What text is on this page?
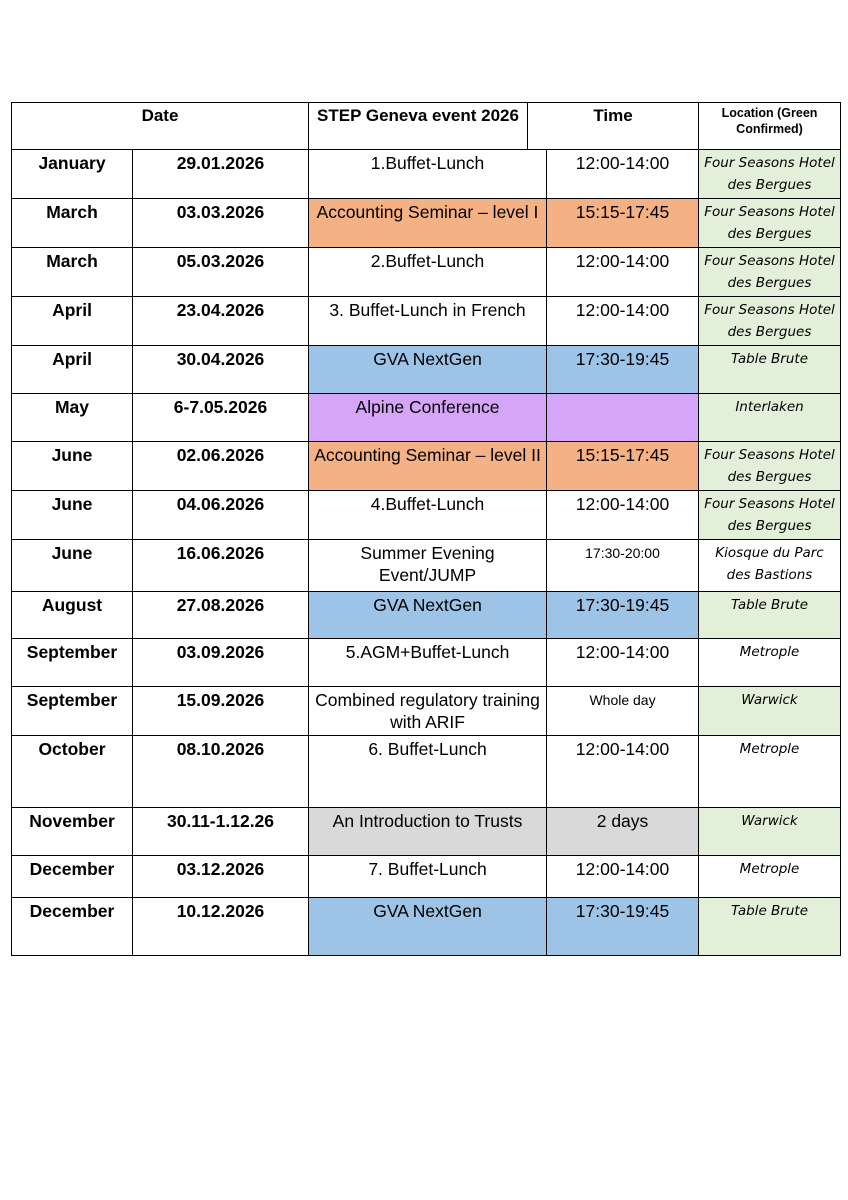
Date		STEP Geneva event 2026	Time		Location (Green Confirmed)
January	29.01.2026	1.Buffet-Lunch		12:00-14:00	Four Seasons Hotel des Bergues
March	03.03.2026	Accounting Seminar – level I		15:15-17:45	Four Seasons Hotel des Bergues
March	05.03.2026	2.Buffet-Lunch		12:00-14:00	Four Seasons Hotel des Bergues
April	23.04.2026	3. Buffet-Lunch in French		12:00-14:00	Four Seasons Hotel des Bergues
April	30.04.2026	GVA NextGen		17:30-19:45	Table Brute
May	6-7.05.2026	Alpine Conference			Interlaken
June	02.06.2026	Accounting Seminar – level II		15:15-17:45	Four Seasons Hotel des Bergues
June	04.06.2026	4.Buffet-Lunch		12:00-14:00	Four Seasons Hotel des Bergues
June	16.06.2026	Summer Evening Event/JUMP		17:30-20:00	Kiosque du Parc des Bastions
August	27.08.2026	GVA NextGen		17:30-19:45	Table Brute
September	03.09.2026	5.AGM+Buffet-Lunch		12:00-14:00	Metrople
September	15.09.2026	Combined regulatory training with ARIF		Whole day	Warwick
October	08.10.2026	6. Buffet-Lunch		12:00-14:00	Metrople
November	30.11-1.12.26	An Introduction to Trusts		2 days	Warwick
December	03.12.2026	7. Buffet-Lunch		12:00-14:00	Metrople
December	10.12.2026	GVA NextGen		17:30-19:45	Table Brute
